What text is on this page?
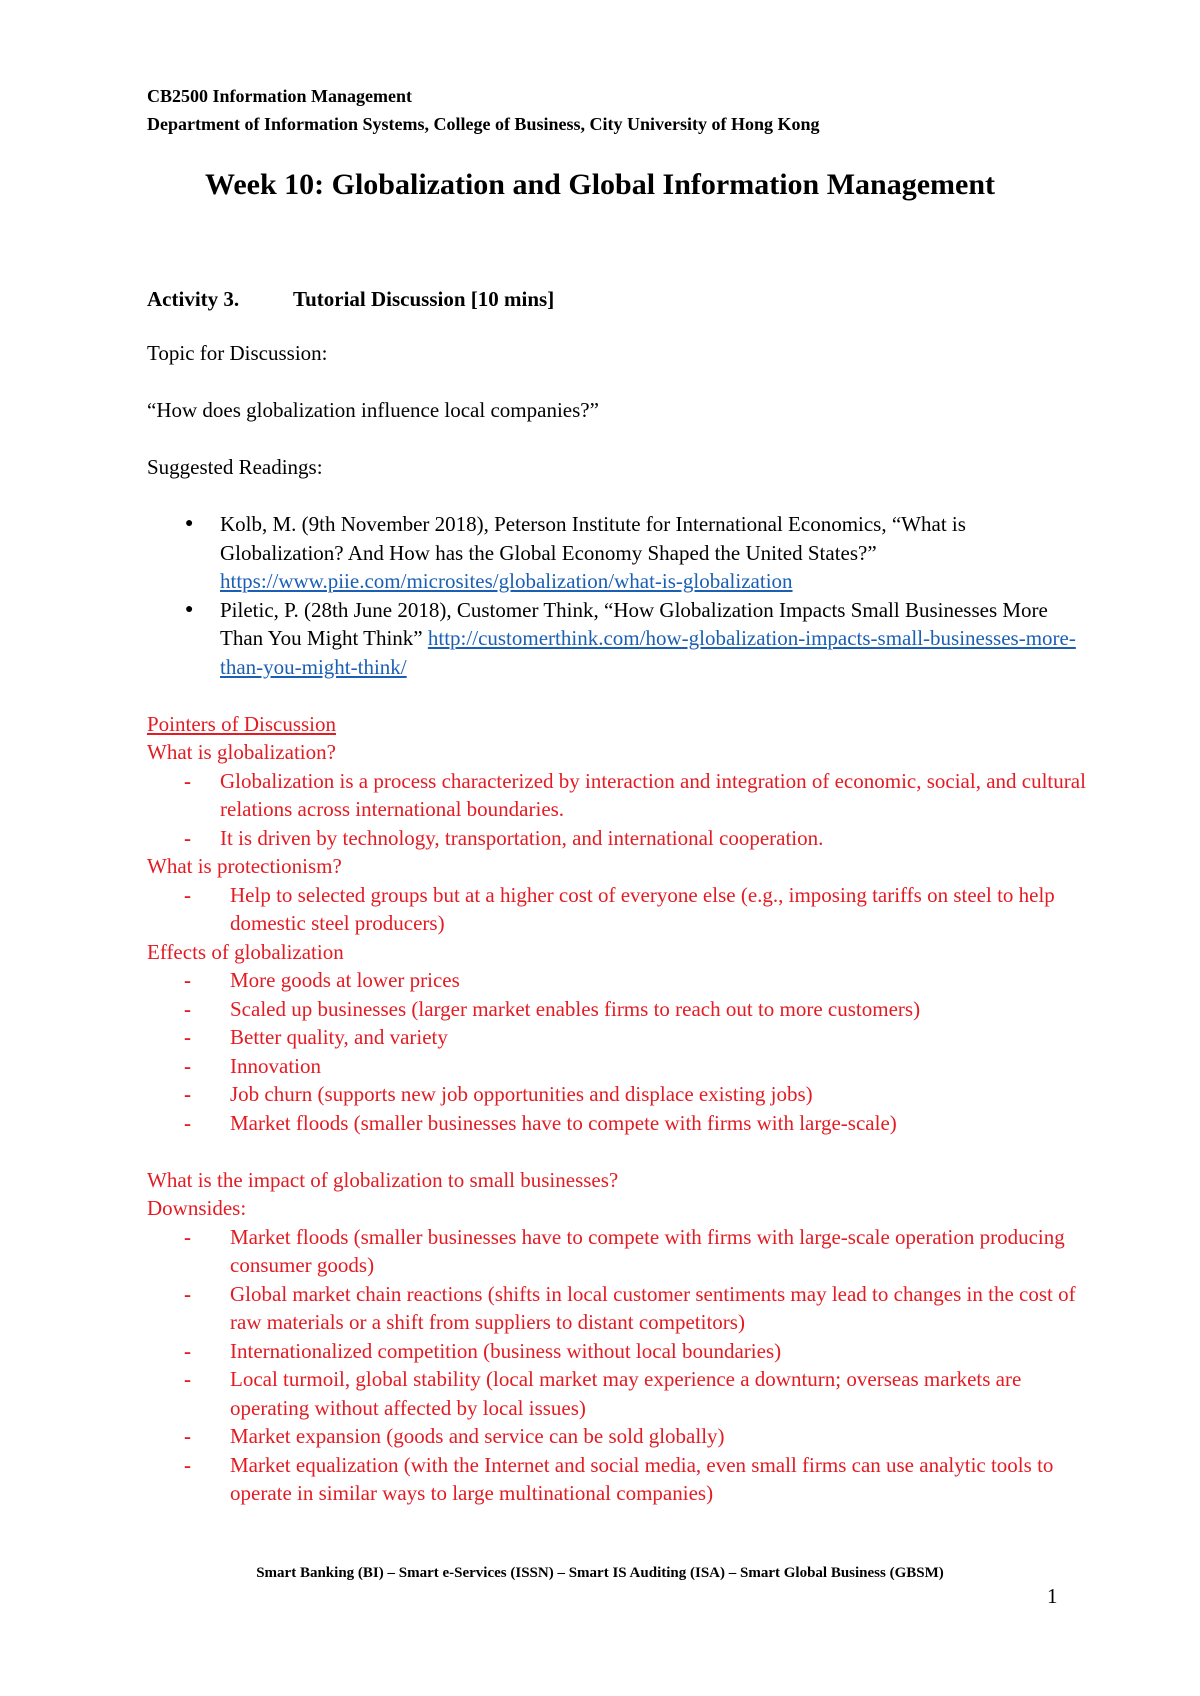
CB2500 Information Management
Department of Information Systems, College of Business, City University of Hong Kong
Week 10: Globalization and Global Information Management
Activity 3.	Tutorial Discussion [10 mins]

Topic for Discussion:

“How does globalization influence local companies?”

Suggested Readings:

● Kolb, M. (9th November 2018), Peterson Institute for International Economics, “What is Globalization? And How has the Global Economy Shaped the United States?” https://www.piie.com/microsites/globalization/what-is-globalization
● Piletic, P. (28th June 2018), Customer Think, “How Globalization Impacts Small Businesses More Than You Might Think” http://customerthink.com/how-globalization-impacts-small-businesses-more-than-you-might-think/

Pointers of Discussion

What is globalization?

- Globalization is a process characterized by interaction and integration of economic, social, and cultural relations across international boundaries.
- It is driven by technology, transportation, and international cooperation.

What is protectionism?

- Help to selected groups but at a higher cost of everyone else (e.g., imposing tariffs on steel to help domestic steel producers)

Effects of globalization

- More goods at lower prices
- Scaled up businesses (larger market enables firms to reach out to more customers)
- Better quality, and variety
- Innovation
- Job churn (supports new job opportunities and displace existing jobs)
- Market floods (smaller businesses have to compete with firms with large-scale)

What is the impact of globalization to small businesses?

Downsides:

- Market floods (smaller businesses have to compete with firms with large-scale operation producing consumer goods)
- Global market chain reactions (shifts in local customer sentiments may lead to changes in the cost of raw materials or a shift from suppliers to distant competitors)
- Internationalized competition (business without local boundaries)
- Local turmoil, global stability (local market may experience a downturn; overseas markets are operating without affected by local issues)
- Market expansion (goods and service can be sold globally)
- Market equalization (with the Internet and social media, even small firms can use analytic tools to operate in similar ways to large multinational companies)
Smart Banking (BI) – Smart e-Services (ISSN) – Smart IS Auditing (ISA) – Smart Global Business (GBSM)
1
